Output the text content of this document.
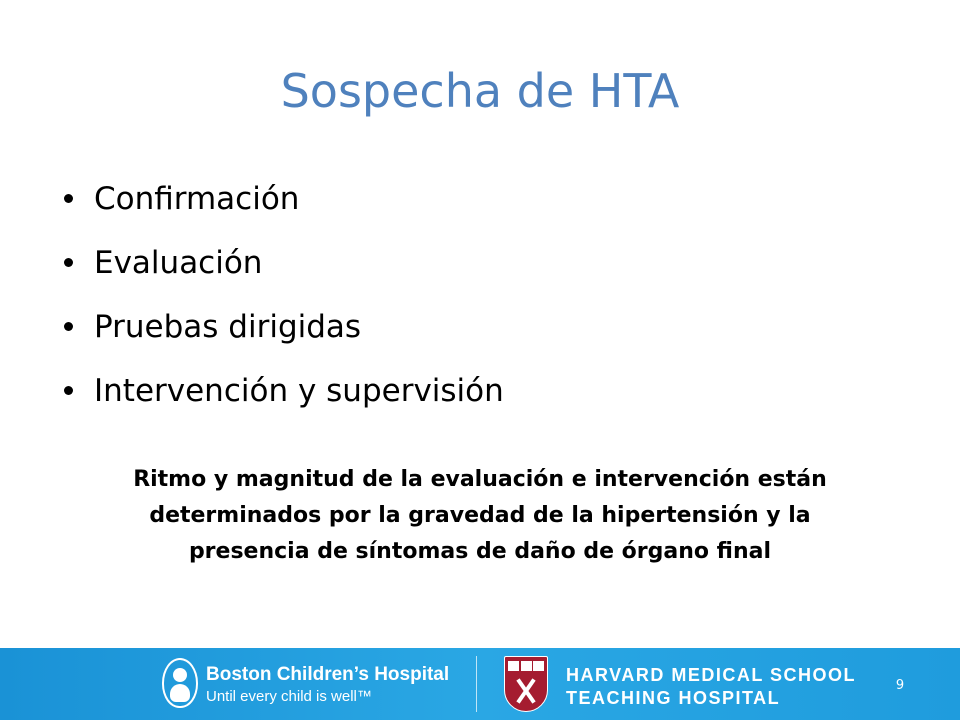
Sospecha de HTA
Confirmación
Evaluación
Pruebas dirigidas
Intervención y supervisión
Ritmo y magnitud de la evaluación e intervención están determinados por la gravedad de la hipertensión y la presencia de síntomas de daño de órgano final
Boston Children’s Hospital
Until every child is well™
HARVARD MEDICAL SCHOOL
TEACHING HOSPITAL
9
